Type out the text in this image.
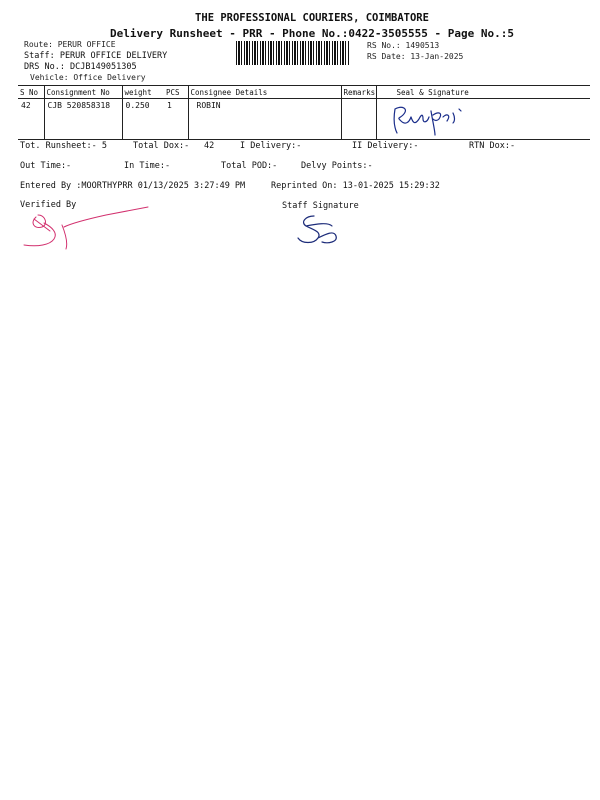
THE PROFESSIONAL COURIERS, COIMBATORE
Delivery Runsheet - PRR - Phone No.:0422-3505555 - Page No.:5
Route: PERUR OFFICE
Staff: PERUR OFFICE DELIVERY
DRS No.: DCJB149051305
Vehicle: Office Delivery
RS No.: 1490513
RS Date: 13-Jan-2025
S No	Consignment No	weight	PCS	Consignee Details	Remarks	Seal & Signature
42	CJB 520858318	0.250	1	ROBIN		
Tot. Runsheet:- 5	Total Dox:- 42	I Delivery:-	II Delivery:-	RTN Dox:-
Out Time:-	In Time:-	Total POD:-	Delvy Points:-
Entered By :MOORTHYPRR 01/13/2025 3:27:49 PM	Reprinted On: 13-01-2025 15:29:32
Verified By	Staff Signature
